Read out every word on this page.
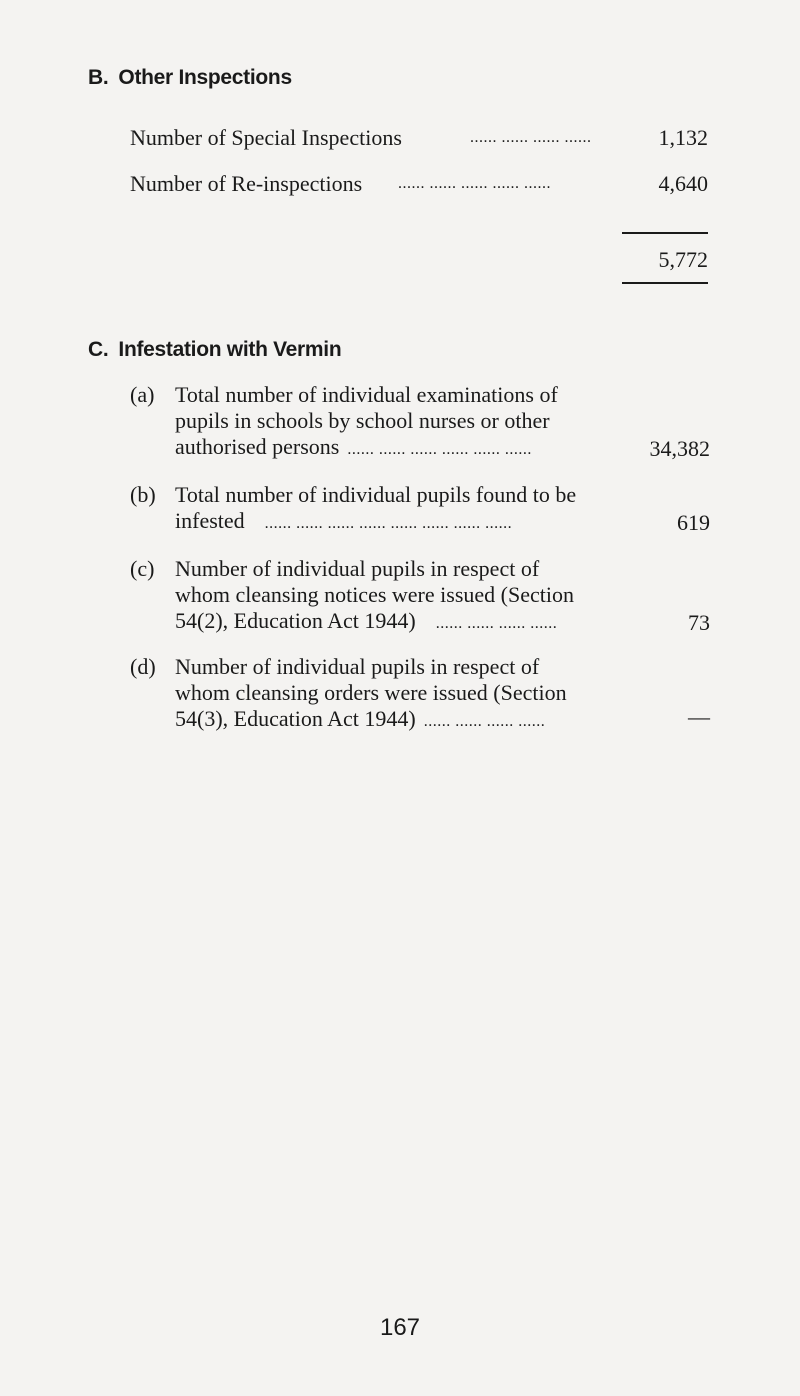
B. Other Inspections
Number of Special Inspections	...... ...... ...... ......	1,132
Number of Re-inspections ...... ...... ...... ...... ......	4,640
5,772
C. Infestation with Vermin
(a) Total number of individual examinations of
pupils in schools by school nurses or other
authorised persons ...... ...... ...... ...... ...... ......	34,382
(b) Total number of individual pupils found to be
infested ...... ...... ...... ...... ...... ...... ...... ......	619
(c) Number of individual pupils in respect of
whom cleansing notices were issued (Section
54(2), Education Act 1944) ...... ...... ...... ......	73
(d) Number of individual pupils in respect of
whom cleansing orders were issued (Section
54(3), Education Act 1944) ...... ...... ...... ......	—
167
